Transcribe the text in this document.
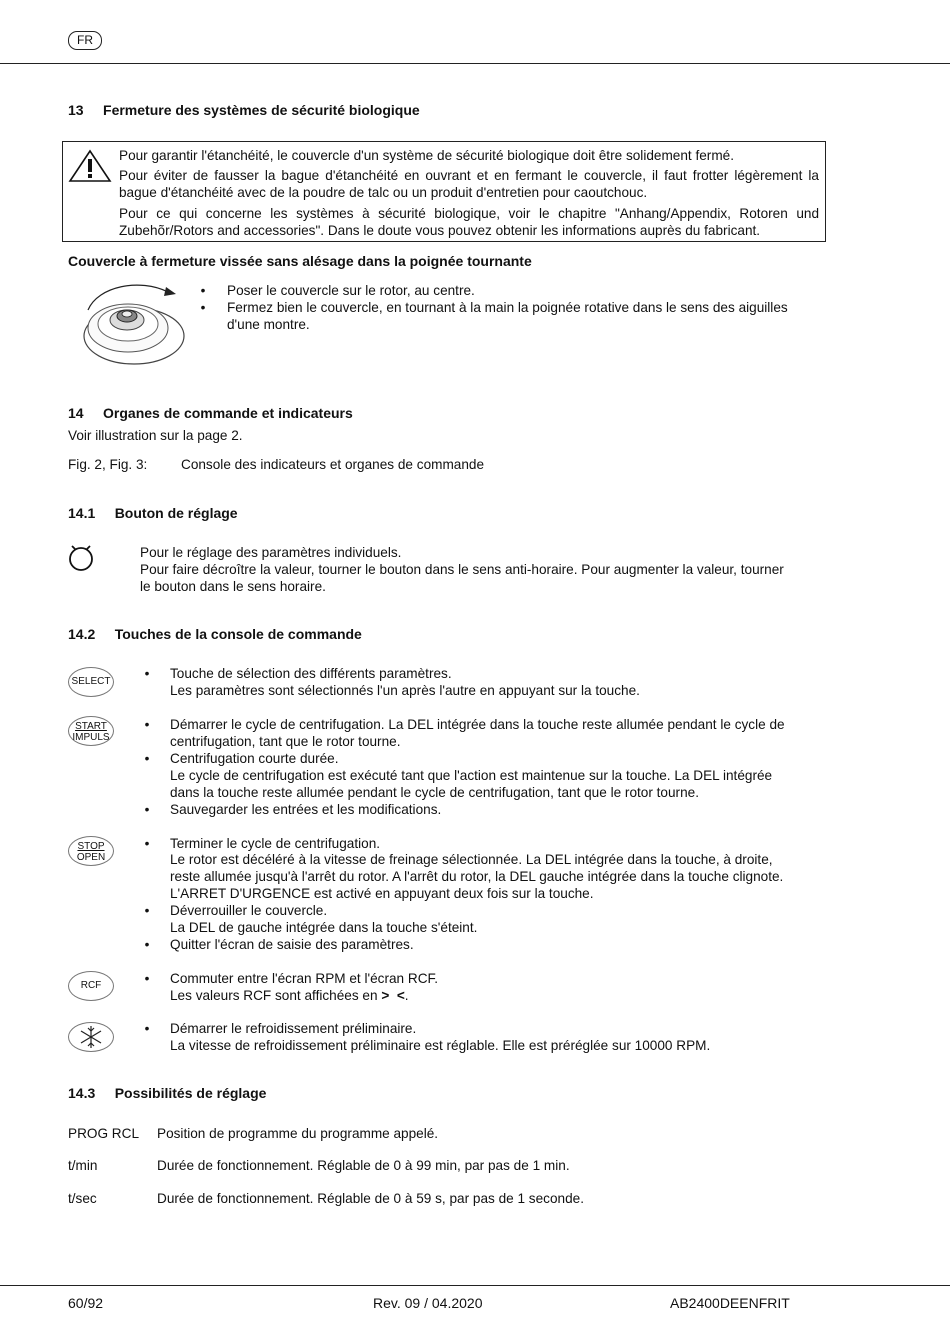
FR
13     Fermeture des systèmes de sécurité biologique
Pour garantir l'étanchéité, le couvercle d'un système de sécurité biologique doit être solidement fermé.
Pour éviter de fausser la bague d'étanchéité en ouvrant et en fermant le couvercle, il faut frotter légèrement la
bague d'étanchéité avec de la poudre de talc ou un produit d'entretien pour caoutchouc.
Pour ce qui concerne les systèmes à sécurité biologique, voir le chapitre "Anhang/Appendix, Rotoren und
Zubehõr/Rotors and accessories". Dans le doute vous pouvez obtenir les informations auprès du fabricant.
Couvercle à fermeture vissée sans alésage dans la poignée tournante
• Poser le couvercle sur le rotor, au centre.
• Fermez bien le couvercle, en tournant à la main la poignée rotative dans le sens des aiguilles
d'une montre.
14     Organes de commande et indicateurs
Voir illustration sur la page 2.
Fig. 2, Fig. 3: Console des indicateurs et organes de commande
14.1     Bouton de réglage
Pour le réglage des paramètres individuels.
Pour faire décroître la valeur, tourner le bouton dans le sens anti-horaire. Pour augmenter la valeur, tourner
le bouton dans le sens horaire.
14.2     Touches de la console de commande
SELECT
• Touche de sélection des différents paramètres.
Les paramètres sont sélectionnés l'un après l'autre en appuyant sur la touche.
START
IMPULS
• Démarrer le cycle de centrifugation. La DEL intégrée dans la touche reste allumée pendant le cycle de
centrifugation, tant que le rotor tourne.
• Centrifugation courte durée.
Le cycle de centrifugation est exécuté tant que l'action est maintenue sur la touche. La DEL intégrée
dans la touche reste allumée pendant le cycle de centrifugation, tant que le rotor tourne.
• Sauvegarder les entrées et les modifications.
STOP
OPEN
• Terminer le cycle de centrifugation.
Le rotor est décéléré à la vitesse de freinage sélectionnée. La DEL intégrée dans la touche, à droite,
reste allumée jusqu'à l'arrêt du rotor. A l'arrêt du rotor, la DEL gauche intégrée dans la touche clignote.
L'ARRET D'URGENCE est activé en appuyant deux fois sur la touche.
• Déverrouiller le couvercle.
La DEL de gauche intégrée dans la touche s'éteint.
• Quitter l'écran de saisie des paramètres.
RCF	• Commuter entre l'écran RPM et l'écran RCF.
Les valeurs RCF sont affichées en >  <.
• Démarrer le refroidissement préliminaire.
La vitesse de refroidissement préliminaire est réglable. Elle est préréglée sur 10000 RPM.
14.3     Possibilités de réglage
PROG RCL Position de programme du programme appelé.
t/min	Durée de fonctionnement. Réglable de 0 à 99 min, par pas de 1 min.
t/sec	Durée de fonctionnement. Réglable de 0 à 59 s, par pas de 1 seconde.
60/92	Rev. 09 / 04.2020	AB2400DEENFRIT
